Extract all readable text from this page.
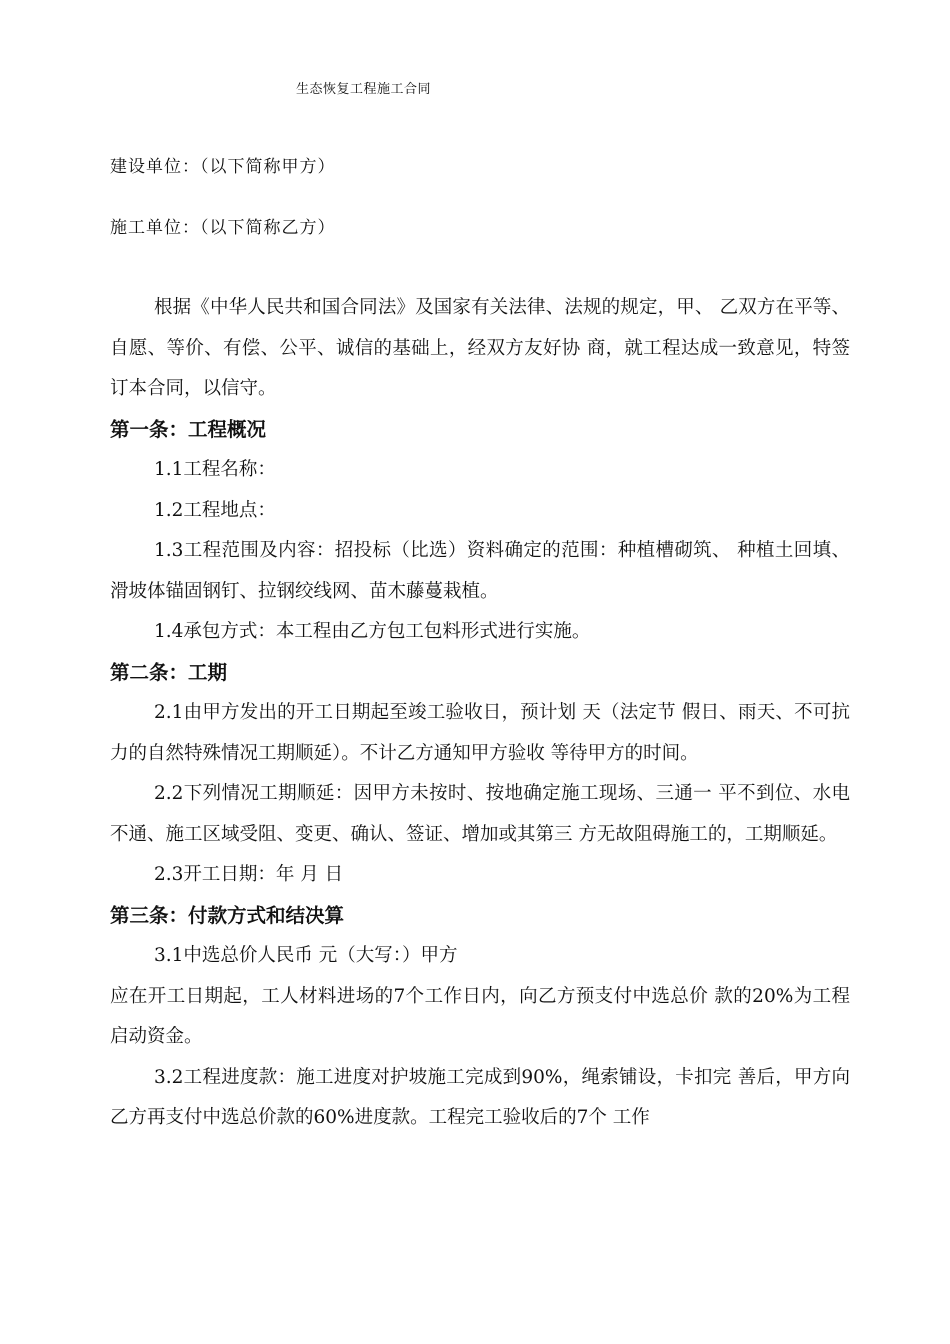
生态恢复工程施工合同
建设单位：（以下简称甲方）
施工单位：（以下简称乙方）

根据《中华人民共和国合同法》及国家有关法律、法规的规定，甲、 乙双方在平等、自愿、等价、有偿、公平、诚信的基础上，经双方友好协 商，就工程达成一致意见，特签订本合同，以信守。

第一条：工程概况

1.1工程名称：

1.2工程地点：

1.3工程范围及内容：招投标（比选）资料确定的范围：种植槽砌筑、 种植土回填、滑坡体锚固钢钉、拉钢绞线网、苗木藤蔓栽植。

1.4承包方式：本工程由乙方包工包料形式进行实施。

第二条：工期

2.1由甲方发出的开工日期起至竣工验收日，预计划 天（法定节 假日、雨天、不可抗力的自然特殊情况工期顺延）。不计乙方通知甲方验收 等待甲方的时间。

2.2下列情况工期顺延：因甲方未按时、按地确定施工现场、三通一 平不到位、水电不通、施工区域受阻、变更、确认、签证、增加或其第三 方无故阻碍施工的，工期顺延。

2.3开工日期：年 月 日

第三条：付款方式和结决算

3.1中选总价人民币 元（大写：）甲方

应在开工日期起，工人材料进场的7个工作日内，向乙方预支付中选总价 款的20%为工程启动资金。

3.2工程进度款：施工进度对护坡施工完成到90%，绳索铺设，卡扣完 善后，甲方向乙方再支付中选总价款的60%进度款。工程完工验收后的7个 工作
